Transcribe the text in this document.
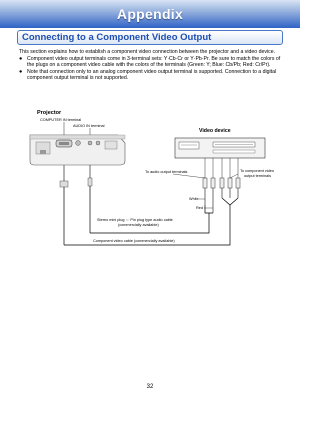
Appendix
Connecting to a Component Video Output
This section explains how to establish a component video connection between the projector and a video device.
● Component video output terminals come in 3-terminal sets: Y·Cb·Cr or Y·Pb·Pr. Be sure to match the colors of the plugs on a component video cable with the colors of the terminals (Green: Y; Blue: Cb/Pb; Red: Cr/Pr).
● Note that connection only to an analog component video output terminal is supported. Connection to a digital component output terminal is not supported.
Projector
COMPUTER IN terminal
AUDIO IN terminal
Video device
To audio output terminals	To component video
output terminals
White
Red
Stereo mini plug ⇔ Pin plug type audio cable
(commercially available)
Component video cable (commercially available)
32
